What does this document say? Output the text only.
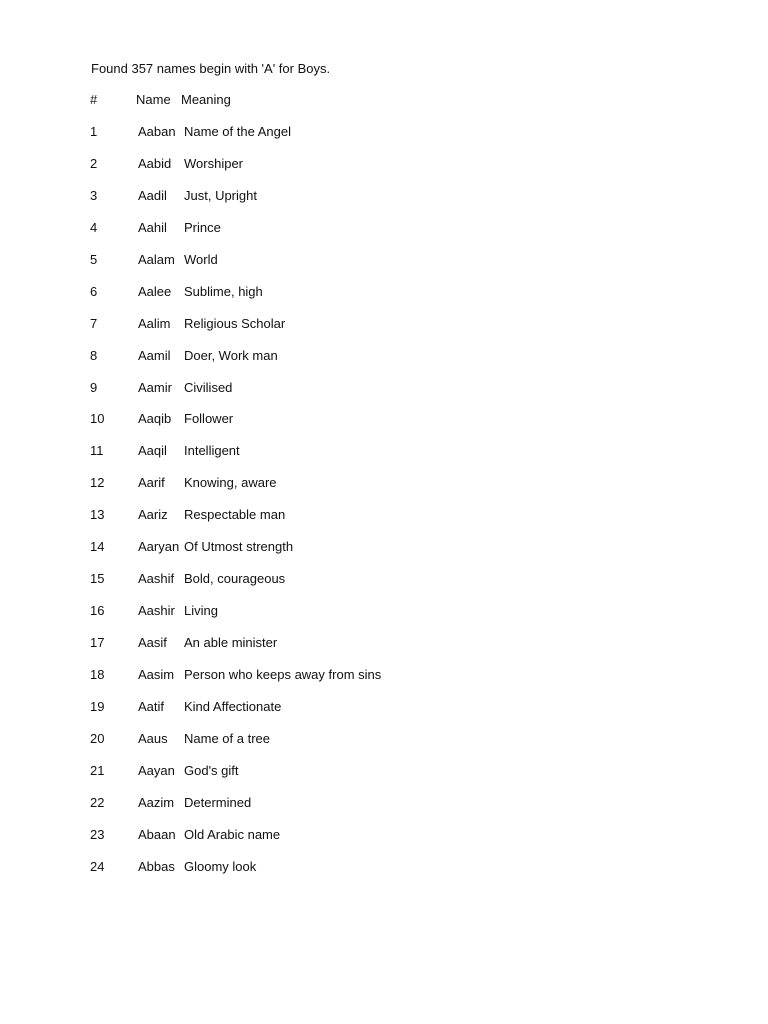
Found 357 names begin with 'A' for Boys.
#	Name Meaning
1	Aaban Name of the Angel
2	Aabid Worshiper
3	Aadil Just, Upright
4	Aahil Prince
5	Aalam World
6	Aalee Sublime, high
7	Aalim Religious Scholar
8	Aamil Doer, Work man
9	Aamir Civilised
10	Aaqib Follower
11	Aaqil Intelligent
12	Aarif Knowing, aware
13	Aariz Respectable man
14	Aaryan Of Utmost strength
15	Aashif Bold, courageous
16	Aashir Living
17	Aasif An able minister
18	Aasim Person who keeps away from sins
19	Aatif Kind Affectionate
20	Aaus Name of a tree
21	Aayan God's gift
22	Aazim Determined
23	Abaan Old Arabic name
24	Abbas Gloomy look
